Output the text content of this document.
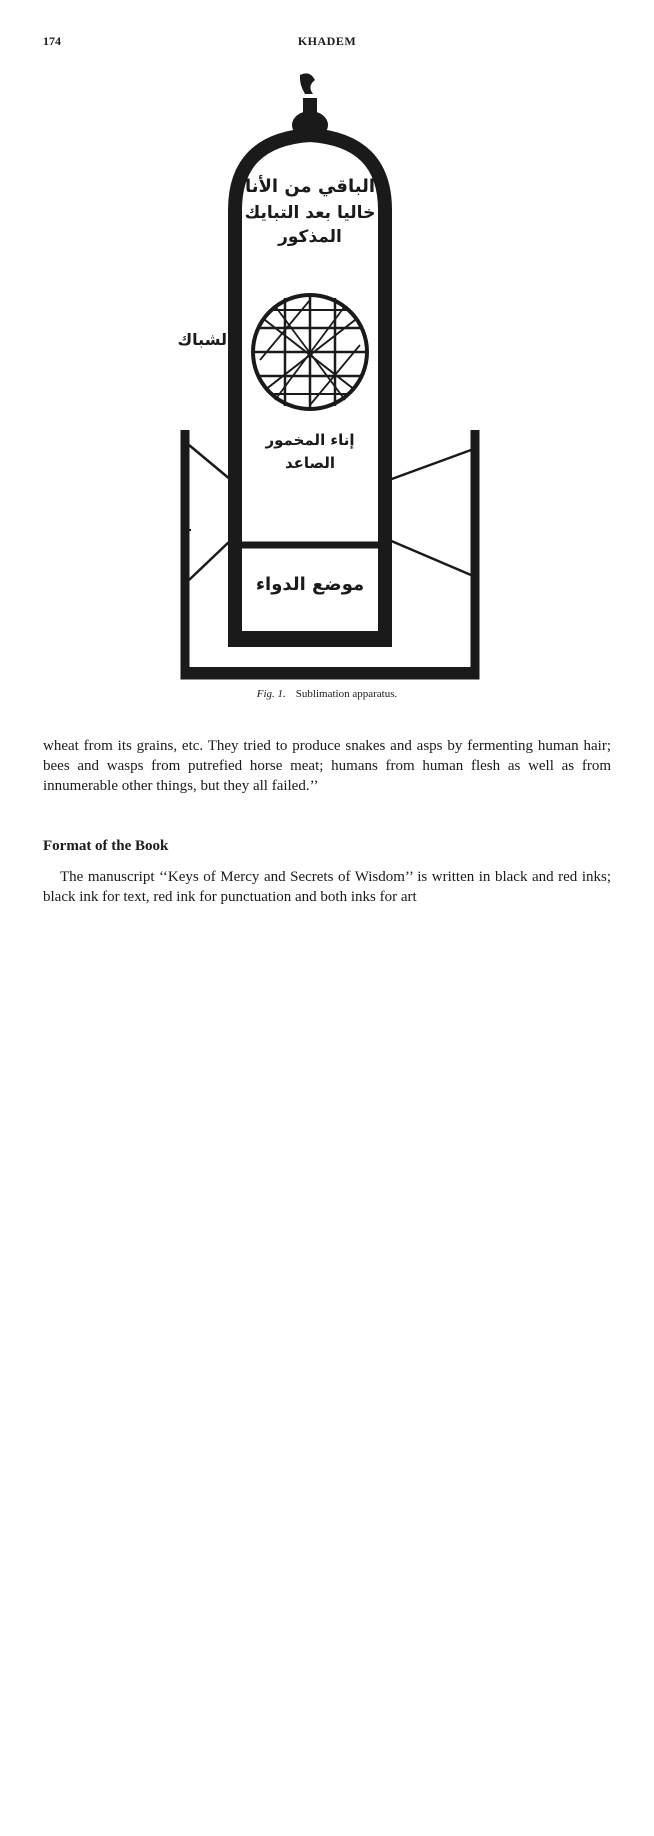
174	KHADEM
الباقي من الأنا
خاليا بعد التبايك
المذكور
الشباك
إناء المخمور
الصاعد
موضع الدواء
Fig. 1. Sublimation apparatus.

wheat from its grains, etc. They tried to produce snakes and asps by fermenting human hair; bees and wasps from putrefied horse meat; humans from human flesh as well as from innumerable other things, but they all failed.’’

Format of the Book

The manuscript ‘‘Keys of Mercy and Secrets of Wisdom’’ is written in black and red inks; black ink for text, red ink for punctuation and both inks for art
